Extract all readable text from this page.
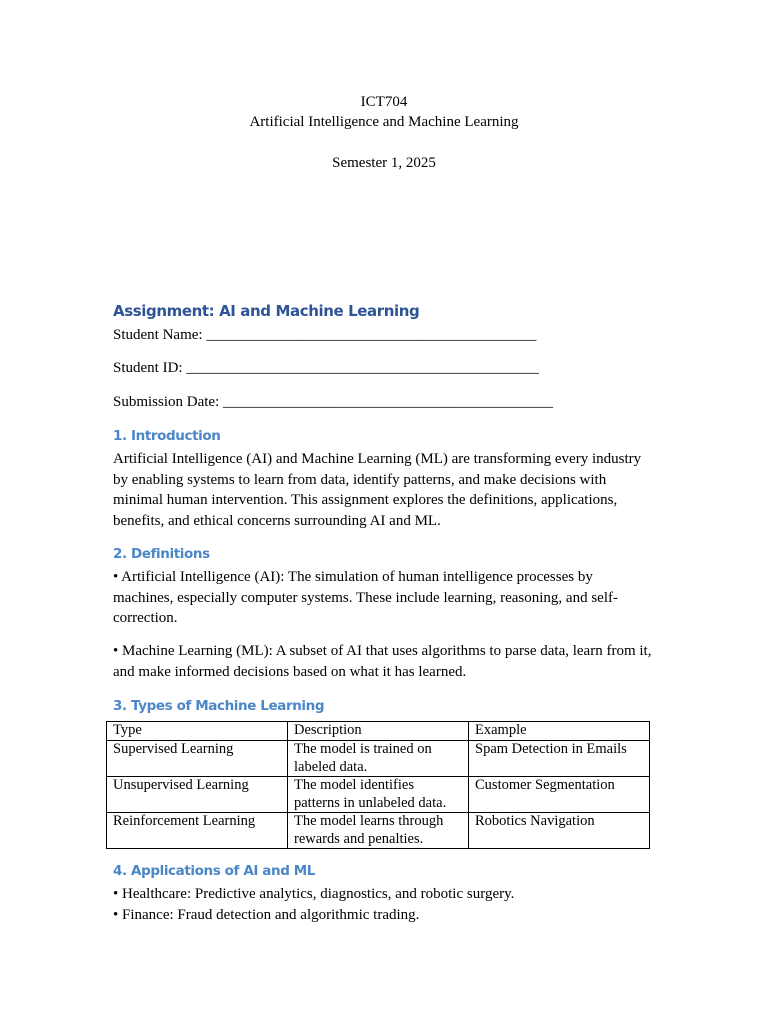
ICT704
Artificial Intelligence and Machine Learning
Semester 1, 2025
Assignment: AI and Machine Learning
Student Name: ____________________________________________
Student ID: _______________________________________________
Submission Date: ____________________________________________
1. Introduction
Artificial Intelligence (AI) and Machine Learning (ML) are transforming every industry by enabling systems to learn from data, identify patterns, and make decisions with minimal human intervention. This assignment explores the definitions, applications, benefits, and ethical concerns surrounding AI and ML.
2. Definitions
• Artificial Intelligence (AI): The simulation of human intelligence processes by machines, especially computer systems. These include learning, reasoning, and self-correction.
• Machine Learning (ML): A subset of AI that uses algorithms to parse data, learn from it, and make informed decisions based on what it has learned.
3. Types of Machine Learning
Type	Description	Example
Supervised Learning	The model is trained on labeled data.	Spam Detection in Emails
Unsupervised Learning	The model identifies patterns in unlabeled data.	Customer Segmentation
Reinforcement Learning	The model learns through rewards and penalties.	Robotics Navigation
4. Applications of AI and ML
• Healthcare: Predictive analytics, diagnostics, and robotic surgery.
• Finance: Fraud detection and algorithmic trading.
